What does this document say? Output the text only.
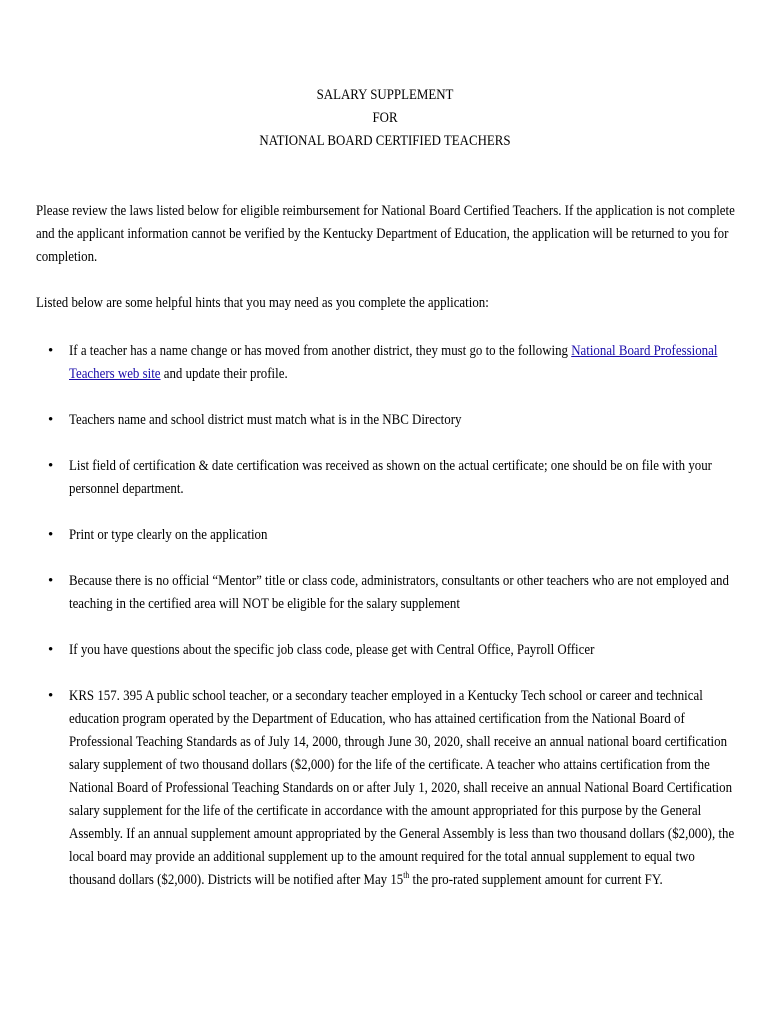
SALARY SUPPLEMENT
FOR
NATIONAL BOARD CERTIFIED TEACHERS
Please review the laws listed below for eligible reimbursement for National Board Certified Teachers. If the application is not complete and the applicant information cannot be verified by the Kentucky Department of Education, the application will be returned to you for completion.
Listed below are some helpful hints that you may need as you complete the application:
• If a teacher has a name change or has moved from another district, they must go to the following National Board Professional Teachers web site and update their profile.
• Teachers name and school district must match what is in the NBC Directory
• List field of certification & date certification was received as shown on the actual certificate; one should be on file with your personnel department.
• Print or type clearly on the application
• Because there is no official “Mentor” title or class code, administrators, consultants or other teachers who are not employed and teaching in the certified area will NOT be eligible for the salary supplement
• If you have questions about the specific job class code, please get with Central Office, Payroll Officer
• KRS 157. 395 A public school teacher, or a secondary teacher employed in a Kentucky Tech school or career and technical education program operated by the Department of Education, who has attained certification from the National Board of Professional Teaching Standards as of July 14, 2000, through June 30, 2020, shall receive an annual national board certification salary supplement of two thousand dollars ($2,000) for the life of the certificate. A teacher who attains certification from the National Board of Professional Teaching Standards on or after July 1, 2020, shall receive an annual National Board Certification salary supplement for the life of the certificate in accordance with the amount appropriated for this purpose by the General Assembly. If an annual supplement amount appropriated by the General Assembly is less than two thousand dollars ($2,000), the local board may provide an additional supplement up to the amount required for the total annual supplement to equal two thousand dollars ($2,000). Districts will be notified after May 15th the pro-rated supplement amount for current FY.
